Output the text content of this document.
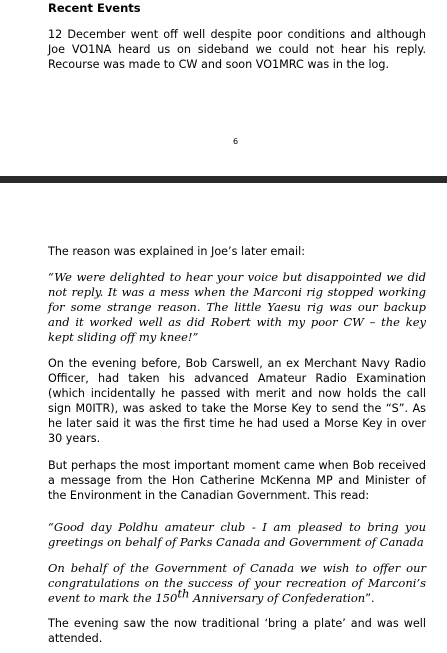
Recent Events

12 December went off well despite poor conditions and although Joe VO1NA heard us on sideband we could not hear his reply. Recourse was made to CW and soon VO1MRC was in the log.

6

The reason was explained in Joe’s later email:

“We were delighted to hear your voice but disappointed we did not reply. It was a mess when the Marconi rig stopped working for some strange reason. The little Yaesu rig was our backup and it worked well as did Robert with my poor CW – the key kept sliding off my knee!”

On the evening before, Bob Carswell, an ex Merchant Navy Radio Officer, had taken his advanced Amateur Radio Examination (which incidentally he passed with merit and now holds the call sign M0ITR), was asked to take the Morse Key to send the “S”. As he later said it was the first time he had used a Morse Key in over 30 years.

But perhaps the most important moment came when Bob received a message from the Hon Catherine McKenna MP and Minister of the Environment in the Canadian Government. This read:

“Good day Poldhu amateur club - I am pleased to bring you greetings on behalf of Parks Canada and Government of Canada

On behalf of the Government of Canada we wish to offer our congratulations on the success of your recreation of Marconi’s event to mark the 150th Anniversary of Confederation”.

The evening saw the now traditional ‘bring a plate’ and was well attended.
